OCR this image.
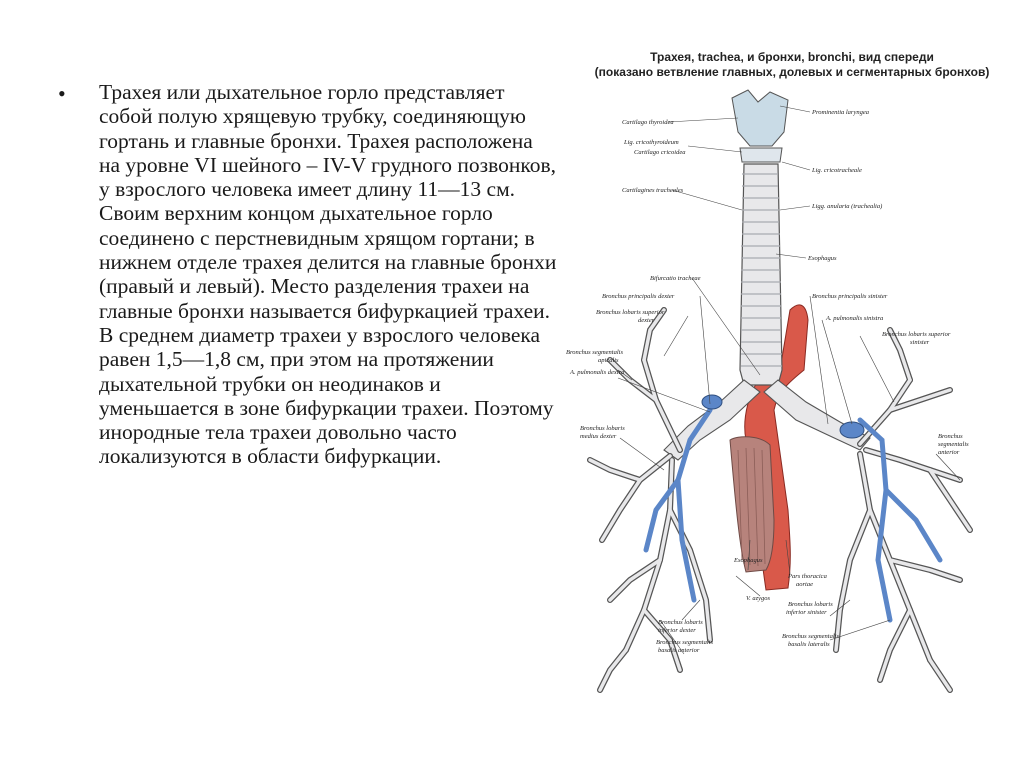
• Трахея или дыхательное горло представляет собой полую хрящевую трубку, соединяющую гортань и главные бронхи. Трахея расположена на уровне VI шейного – IV-V грудного позвонков, у взрослого человека имеет длину 11—13 см. Своим верхним концом дыхательное горло соединено с перстневидным хрящом гортани; в нижнем отделе трахея делится на главные бронхи (правый и левый). Место разделения трахеи на главные бронхи называется бифуркацией трахеи. В среднем диаметр трахеи у взрослого человека равен 1,5—1,8 см, при этом на протяжении дыхательной трубки он неодинаков и уменьшается в зоне бифуркации трахеи. Поэтому инородные тела трахеи довольно часто локализуются в области бифуркации.

Трахея, trachea, и бронхи, bronchi, вид спереди
(показано ветвление главных, долевых и сегментарных бронхов)
Prominentia laryngea
Cartilago thyroidea
Lig. cricothyroideum
Cartilago cricoidea
Lig. cricotracheale
Cartilagines tracheales
Ligg. anularia (trachealia)
Esophagus
Bifurcatio tracheae
Bronchus principalis dexter	Bronchus principalis sinister
Bronchus lobaris superior
dexter	A. pulmonalis sinistra
Bronchus lobaris superior
sinister
Bronchus segmentalis
apicalis
A. pulmonalis dextra
Bronchus lobaris
medius dexter	Bronchus
segmentalis
anterior
Esophagus
Pars thoracica
aortae
V. azygos
Bronchus lobaris
inferior dexter
Bronchus lobaris
inferior sinister
Bronchus segmentalis
basalis anterior
Bronchus segmentalis
basalis lateralis
